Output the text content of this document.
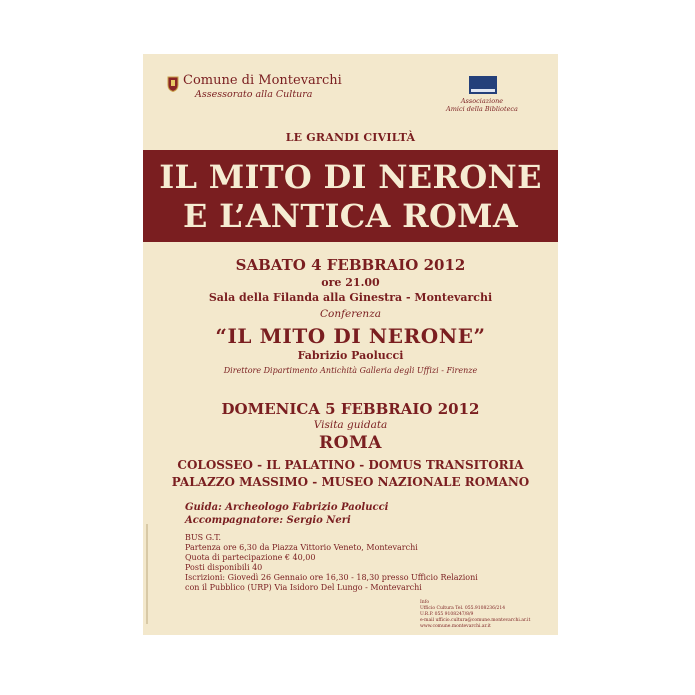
Comune di Montevarchi
Assessorato alla Cultura
Associazione
Amici della Biblioteca
LE GRANDI CIVILTÀ
IL MITO DI NERONE
E L’ANTICA ROMA
SABATO 4 FEBBRAIO 2012
ore 21.00
Sala della Filanda alla Ginestra - Montevarchi
Conferenza
“IL MITO DI NERONE”
Fabrizio Paolucci
Direttore Dipartimento Antichità Galleria degli Uffizi - Firenze
DOMENICA 5 FEBBRAIO 2012
Visita guidata
ROMA
COLOSSEO - IL PALATINO - DOMUS TRANSITORIA
PALAZZO MASSIMO - MUSEO NAZIONALE ROMANO
Guida: Archeologo Fabrizio Paolucci
Accompagnatore: Sergio Neri
BUS G.T.
Partenza ore 6,30 da Piazza Vittorio Veneto, Montevarchi
Quota di partecipazione € 40,00
Posti disponibili 40
Iscrizioni: Giovedì 26 Gennaio ore 16,30 - 18,30 presso Ufficio Relazioni
con il Pubblico (URP) Via Isidoro Del Lungo - Montevarchi
Info
Ufficio Cultura Tel. 055.9108236/214
U.R.P. 055 9108247/8/9
e-mail ufficio.cultura@comune.montevarchi.ar.it
www.comune.montevarchi.ar.it
